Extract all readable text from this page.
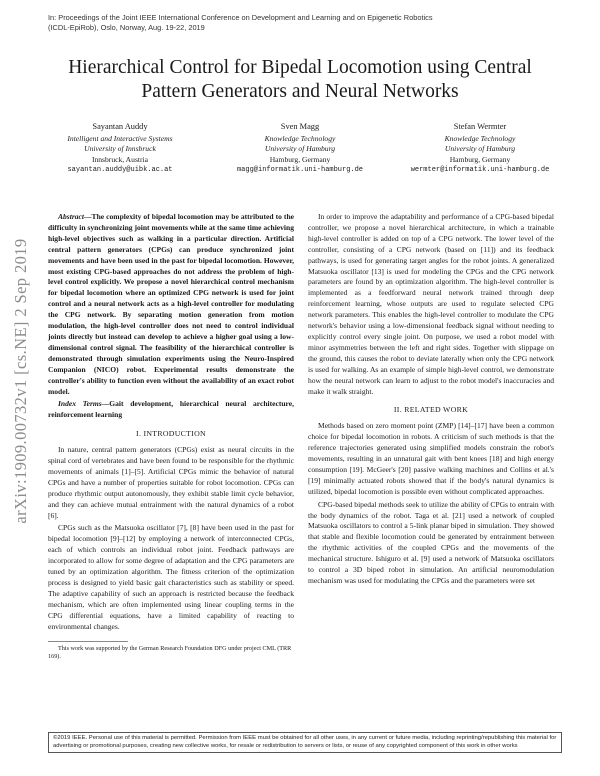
In: Proceedings of the Joint IEEE International Conference on Development and Learning and on Epigenetic Robotics
(ICDL-EpiRob), Oslo, Norway, Aug. 19-22, 2019
Hierarchical Control for Bipedal Locomotion using Central Pattern Generators and Neural Networks
Sayantan Auddy
Intelligent and Interactive Systems
University of Innsbruck
Innsbruck, Austria
sayantan.auddy@uibk.ac.at
Sven Magg
Knowledge Technology
University of Hamburg
Hamburg, Germany
magg@informatik.uni-hamburg.de
Stefan Wermter
Knowledge Technology
University of Hamburg
Hamburg, Germany
wermter@informatik.uni-hamburg.de
arXiv:1909.00732v1 [cs.NE] 2 Sep 2019

Abstract—The complexity of bipedal locomotion may be attributed to the difficulty in synchronizing joint movements while at the same time achieving high-level objectives such as walking in a particular direction. Artificial central pattern generators (CPGs) can produce synchronized joint movements and have been used in the past for bipedal locomotion. However, most existing CPG-based approaches do not address the problem of high-level control explicitly. We propose a novel hierarchical control mechanism for bipedal locomotion where an optimized CPG network is used for joint control and a neural network acts as a high-level controller for modulating the CPG network. By separating motion generation from motion modulation, the high-level controller does not need to control individual joints directly but instead can develop to achieve a higher goal using a low-dimensional control signal. The feasibility of the hierarchical controller is demonstrated through simulation experiments using the Neuro-Inspired Companion (NICO) robot. Experimental results demonstrate the controller's ability to function even without the availability of an exact robot model.

Index Terms—Gait development, hierarchical neural architecture, reinforcement learning

I. INTRODUCTION

In nature, central pattern generators (CPGs) exist as neural circuits in the spinal cord of vertebrates and have been found to be responsible for the rhythmic movements of animals [1]–[5]. Artificial CPGs mimic the behavior of natural CPGs and have a number of properties suitable for robot locomotion. CPGs can produce rhythmic output autonomously, they exhibit stable limit cycle behavior, and they can achieve mutual entrainment with the natural dynamics of a robot [6].

CPGs such as the Matsuoka oscillator [7], [8] have been used in the past for bipedal locomotion [9]–[12] by employing a network of interconnected CPGs, each of which controls an individual robot joint. Feedback pathways are incorporated to allow for some degree of adaptation and the CPG parameters are tuned by an optimization algorithm. The fitness criterion of the optimization process is designed to yield basic gait characteristics such as stability or speed. The adaptive capability of such an approach is restricted because the feedback mechanism, which are often implemented using linear coupling terms in the CPG differential equations, have a limited capability of reacting to environmental changes.

This work was supported by the German Research Foundation DFG under project CML (TRR 169).

In order to improve the adaptability and performance of a CPG-based bipedal controller, we propose a novel hierarchical architecture, in which a trainable high-level controller is added on top of a CPG network. The lower level of the controller, consisting of a CPG network (based on [11]) and its feedback pathways, is used for generating target angles for the robot joints. A generalized Matsuoka oscillator [13] is used for modeling the CPGs and the CPG network parameters are found by an optimization algorithm. The high-level controller is implemented as a feedforward neural network trained through deep reinforcement learning, whose outputs are used to regulate selected CPG network parameters. This enables the high-level controller to modulate the CPG network's behavior using a low-dimensional feedback signal without needing to explicitly control every single joint. On purpose, we used a robot model with minor asymmetries between the left and right sides. Together with slippage on the ground, this causes the robot to deviate laterally when only the CPG network is used for walking. As an example of simple high-level control, we demonstrate how the neural network can learn to adjust to the robot model's inaccuracies and make it walk straight.

II. RELATED WORK

Methods based on zero moment point (ZMP) [14]–[17] have been a common choice for bipedal locomotion in robots. A criticism of such methods is that the reference trajectories generated using simplified models constrain the robot's movements, resulting in an unnatural gait with bent knees [18] and high energy consumption [19]. McGeer's [20] passive walking machines and Collins et al.'s [19] minimally actuated robots showed that if the body's natural dynamics is utilized, bipedal locomotion is possible even without complicated approaches.

CPG-based bipedal methods seek to utilize the ability of CPGs to entrain with the body dynamics of the robot. Taga et al. [21] used a network of coupled Matsuoka oscillators to control a 5-link planar biped in simulation. They showed that stable and flexible locomotion could be generated by entrainment between the rhythmic activities of the coupled CPGs and the movements of the mechanical structure. Ishiguro et al. [9] used a network of Matsuoka oscillators to control a 3D biped robot in simulation. An artificial neuromodulation mechanism was used for modulating the CPGs and the parameters were set

©2019 IEEE. Personal use of this material is permitted. Permission from IEEE must be obtained for all other uses, in any current or future media, including reprinting/republishing this material for advertising or promotional purposes, creating new collective works, for resale or redistribution to servers or lists, or reuse of any copyrighted component of this work in other works
